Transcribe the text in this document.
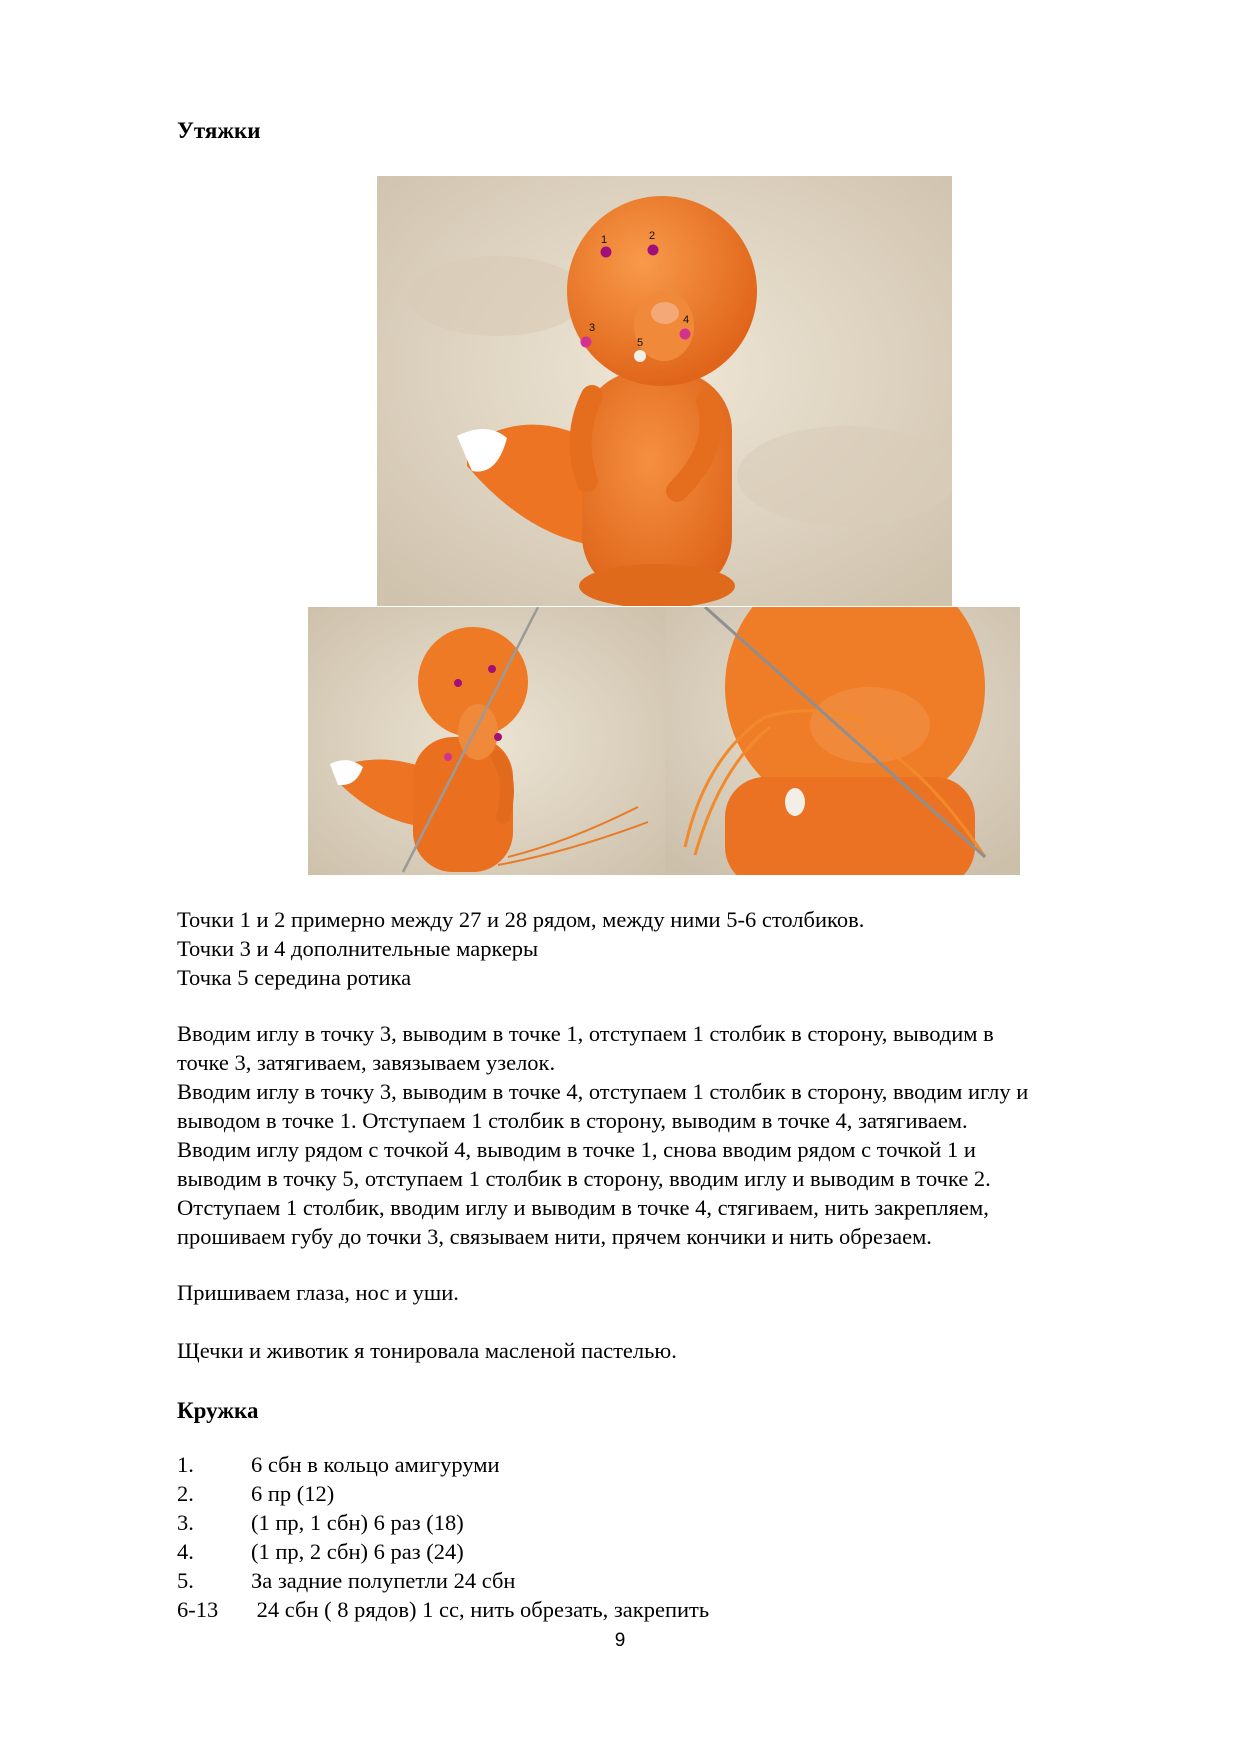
Утяжки
1	2
3
4
5
Точки 1 и 2 примерно между 27 и 28 рядом, между ними 5-6 столбиков.
Точки 3 и 4 дополнительные маркеры
Точка 5 середина ротика
Вводим иглу в точку 3, выводим в точке 1, отступаем 1 столбик в сторону, выводим в
точке 3, затягиваем, завязываем узелок.
Вводим иглу в точку 3, выводим в точке 4, отступаем 1 столбик в сторону, вводим иглу и
выводом в точке 1. Отступаем 1 столбик в сторону, выводим в точке 4, затягиваем.
Вводим иглу рядом с точкой 4, выводим в точке 1, снова вводим рядом с точкой 1 и
выводим в точку 5, отступаем 1 столбик в сторону, вводим иглу и выводим в точке 2.
Отступаем 1 столбик, вводим иглу и выводим в точке 4, стягиваем, нить закрепляем,
прошиваем губу до точки 3, связываем нити, прячем кончики и нить обрезаем.
Пришиваем глаза, нос и уши.
Щечки и животик я тонировала масленой пастелью.
Кружка
1.	6 сбн в кольцо амигуруми
2.	6 пр (12)
3.	(1 пр, 1 сбн) 6 раз (18)
4.	(1 пр, 2 сбн) 6 раз (24)
5.	За задние полупетли 24 сбн
6-13	24 сбн ( 8 рядов) 1 сс, нить обрезать, закрепить
9
